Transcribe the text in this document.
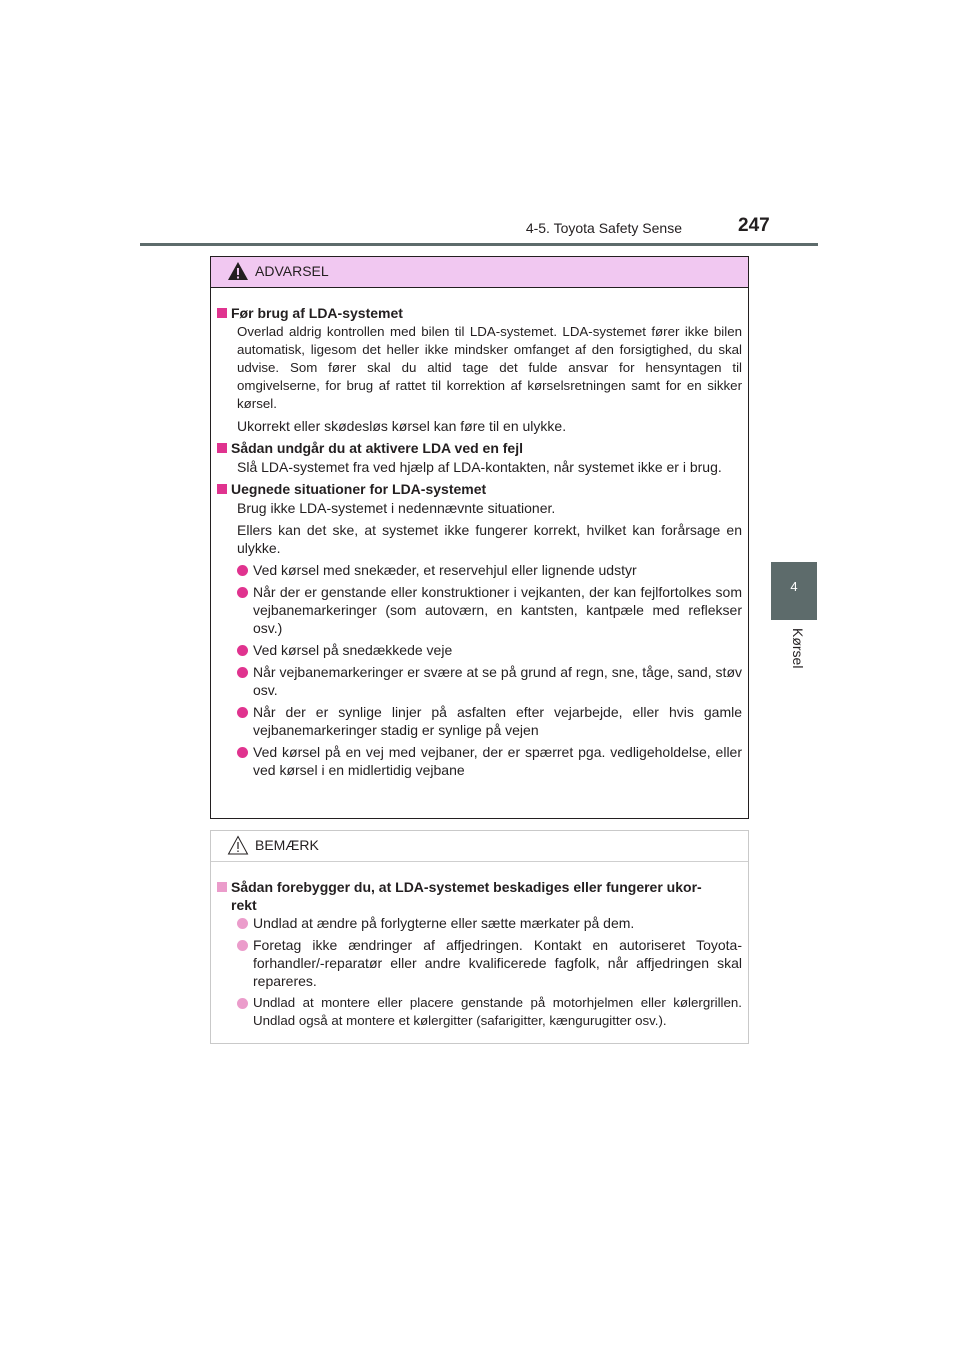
4-5. Toyota Safety Sense	247
4
Kørsel
ADVARSEL
Før brug af LDA-systemet
Overlad aldrig kontrollen med bilen til LDA-systemet. LDA-systemet fører ikke bilen automatisk, ligesom det heller ikke mindsker omfanget af den forsigtighed, du skal udvise. Som fører skal du altid tage det fulde ansvar for hensyntagen til omgivelserne, for brug af rattet til korrektion af kørselsretningen samt for en sikker kørsel.
Ukorrekt eller skødesløs kørsel kan føre til en ulykke.
Sådan undgår du at aktivere LDA ved en fejl
Slå LDA-systemet fra ved hjælp af LDA-kontakten, når systemet ikke er i brug.
Uegnede situationer for LDA-systemet
Brug ikke LDA-systemet i nedennævnte situationer.
Ellers kan det ske, at systemet ikke fungerer korrekt, hvilket kan forårsage en ulykke.
Ved kørsel med snekæder, et reservehjul eller lignende udstyr
Når der er genstande eller konstruktioner i vejkanten, der kan fejlfortolkes som vejbanemarkeringer (som autoværn, en kantsten, kantpæle med reflekser osv.)
Ved kørsel på snedækkede veje
Når vejbanemarkeringer er svære at se på grund af regn, sne, tåge, sand, støv osv.
Når der er synlige linjer på asfalten efter vejarbejde, eller hvis gamle vejbanemarkeringer stadig er synlige på vejen
Ved kørsel på en vej med vejbaner, der er spærret pga. vedligeholdelse, eller ved kørsel i en midlertidig vejbane
BEMÆRK
Sådan forebygger du, at LDA-systemet beskadiges eller fungerer ukor-
rekt
Undlad at ændre på forlygterne eller sætte mærkater på dem.
Foretag ikke ændringer af affjedringen. Kontakt en autoriseret Toyota-forhandler/-reparatør eller andre kvalificerede fagfolk, når affjedringen skal repareres.
Undlad at montere eller placere genstande på motorhjelmen eller kølergrillen. Undlad også at montere et kølergitter (safarigitter, kængurugitter osv.).
